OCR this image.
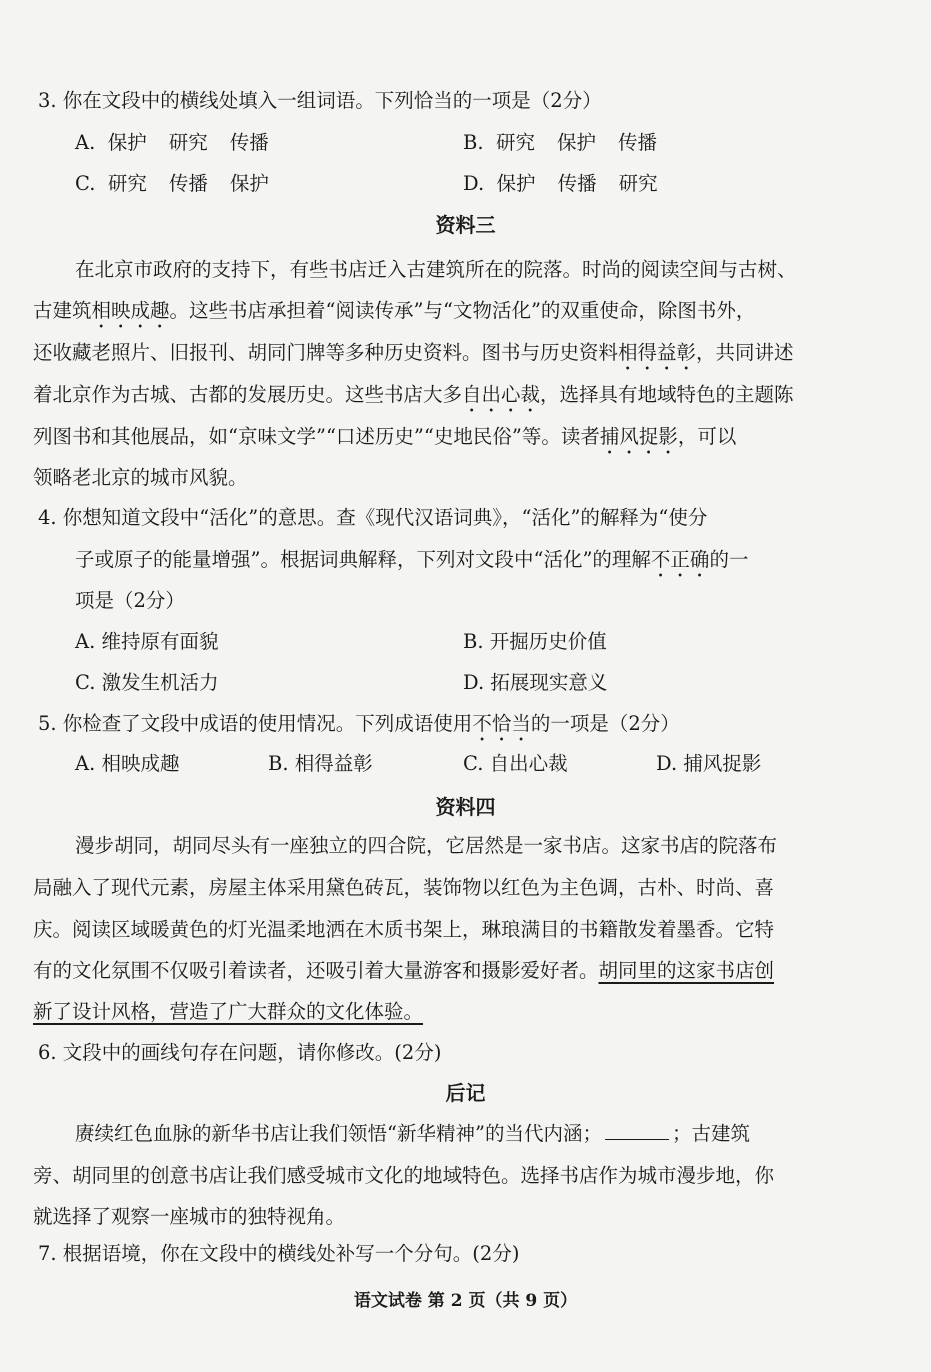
3. 你在文段中的横线处填入一组词语。下列恰当的一项是（2分）
A. 保护 研究 传播	B. 研究 保护 传播
C. 研究 传播 保护	D. 保护 传播 研究
资料三
在北京市政府的支持下，有些书店迁入古建筑所在的院落。时尚的阅读空间与古树、
古建筑相映成趣。这些书店承担着“阅读传承”与“文物活化”的双重使命，除图书外，
还收藏老照片、旧报刊、胡同门牌等多种历史资料。图书与历史资料相得益彰，共同讲述
着北京作为古城、古都的发展历史。这些书店大多自出心裁，选择具有地域特色的主题陈
列图书和其他展品，如“京味文学”“口述历史”“史地民俗”等。读者捕风捉影，可以
领略老北京的城市风貌。
4. 你想知道文段中“活化”的意思。查《现代汉语词典》，“活化”的解释为“使分
子或原子的能量增强”。根据词典解释，下列对文段中“活化”的理解不正确的一
项是（2分）
A. 维持原有面貌	B. 开掘历史价值
C. 激发生机活力	D. 拓展现实意义
5. 你检查了文段中成语的使用情况。下列成语使用不恰当的一项是（2分）
A. 相映成趣	B. 相得益彰	C. 自出心裁	D. 捕风捉影
资料四
漫步胡同，胡同尽头有一座独立的四合院，它居然是一家书店。这家书店的院落布
局融入了现代元素，房屋主体采用黛色砖瓦，装饰物以红色为主色调，古朴、时尚、喜
庆。阅读区域暖黄色的灯光温柔地洒在木质书架上，琳琅满目的书籍散发着墨香。它特
有的文化氛围不仅吸引着读者，还吸引着大量游客和摄影爱好者。胡同里的这家书店创
新了设计风格，营造了广大群众的文化体验。
6. 文段中的画线句存在问题，请你修改。(2分)
后记
赓续红色血脉的新华书店让我们领悟“新华精神”的当代内涵；	；古建筑
旁、胡同里的创意书店让我们感受城市文化的地域特色。选择书店作为城市漫步地，你
就选择了观察一座城市的独特视角。
7. 根据语境，你在文段中的横线处补写一个分句。(2分)
语文试卷 第 2 页（共 9 页）
